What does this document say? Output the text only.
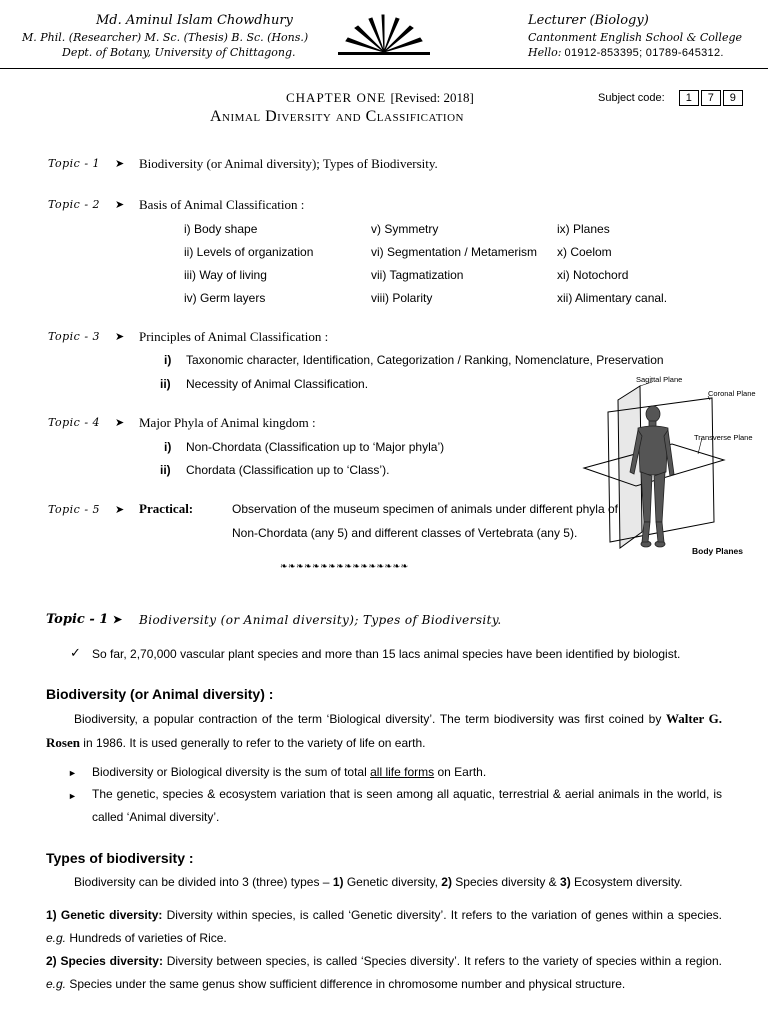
Md. Aminul Islam Chowdhury
M. Phil. (Researcher) M. Sc. (Thesis) B. Sc. (Hons.)
Dept. of Botany, University of Chittagong.
Lecturer (Biology)
Cantonment English School & College
Hello: 01912-853395; 01789-645312.
CHAPTER ONE [Revised: 2018]	Subject code: 1 7 9
Animal Diversity and Classification
Topic - 1 ➤ Biodiversity (or Animal diversity); Types of Biodiversity.
Topic - 2 ➤ Basis of Animal Classification :
i) Body shape
ii) Levels of organization
iii) Way of living
iv) Germ layers
v) Symmetry
vi) Segmentation / Metamerism
vii) Tagmatization
viii) Polarity
ix) Planes
x) Coelom
xi) Notochord
xii) Alimentary canal.
Topic - 3 ➤ Principles of Animal Classification :
i) Taxonomic character, Identification, Categorization / Ranking, Nomenclature, Preservation
ii) Necessity of Animal Classification.
Topic - 4 ➤ Major Phyla of Animal kingdom :
i) Non-Chordata (Classification up to ‘Major phyla’)
ii) Chordata (Classification up to ‘Class’).
Topic - 5 ➤ Practical:	Observation of the museum specimen of animals under different phyla of
Non-Chordata (any 5) and different classes of Vertebrata (any 5).
Sagittal Plane
Coronal Plane
Transverse Plane
Body Planes
❧❧❧❧❧❧❧❧❧❧❧❧❧❧❧❧
Topic - 1 ➤ Biodiversity (or Animal diversity); Types of Biodiversity.
✓ So far, 2,70,000 vascular plant species and more than 15 lacs animal species have been identified by biologist.
Biodiversity (or Animal diversity) :
Biodiversity, a popular contraction of the term ‘Biological diversity’. The term biodiversity was first coined by Walter G. Rosen in 1986. It is used generally to refer to the variety of life on earth.
► Biodiversity or Biological diversity is the sum of total all life forms on Earth.
► The genetic, species & ecosystem variation that is seen among all aquatic, terrestrial & aerial animals in the world, is called ‘Animal diversity’.
Types of biodiversity :
Biodiversity can be divided into 3 (three) types – 1) Genetic diversity, 2) Species diversity & 3) Ecosystem diversity.
1) Genetic diversity: Diversity within species, is called ‘Genetic diversity’. It refers to the variation of genes within a species. e.g. Hundreds of varieties of Rice.
2) Species diversity: Diversity between species, is called ‘Species diversity’. It refers to the variety of species within a region. e.g. Species under the same genus show sufficient difference in chromosome number and physical structure.
